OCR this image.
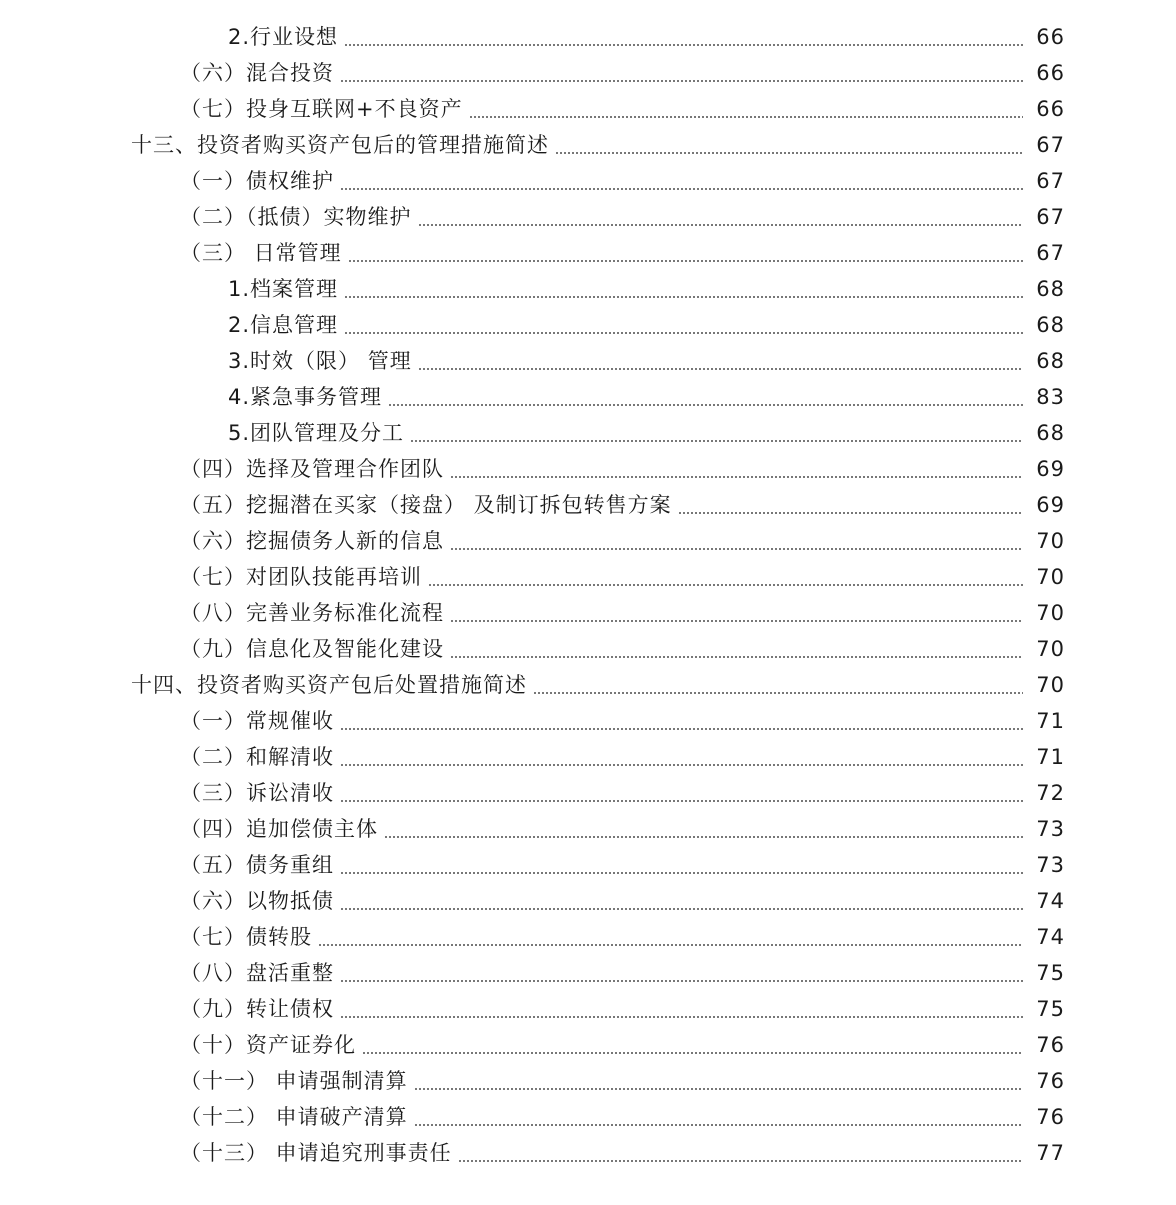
2.行业设想	66
（六）混合投资	66
（七）投身互联网+不良资产	66
十三、投资者购买资产包后的管理措施简述	67
（一）债权维护	67
（二）（抵债）实物维护	67
（三） 日常管理	67
1.档案管理	68
2.信息管理	68
3.时效（限） 管理	68
4.紧急事务管理	83
5.团队管理及分工	68
（四）选择及管理合作团队	69
（五）挖掘潜在买家（接盘） 及制订拆包转售方案	69
（六）挖掘债务人新的信息	70
（七）对团队技能再培训	70
（八）完善业务标准化流程	70
（九）信息化及智能化建设	70
十四、投资者购买资产包后处置措施简述	70
（一）常规催收	71
（二）和解清收	71
（三）诉讼清收	72
（四）追加偿债主体	73
（五）债务重组	73
（六）以物抵债	74
（七）债转股	74
（八）盘活重整	75
（九）转让债权	75
（十）资产证券化	76
（十一） 申请强制清算	76
（十二） 申请破产清算	76
（十三） 申请追究刑事责任	77
